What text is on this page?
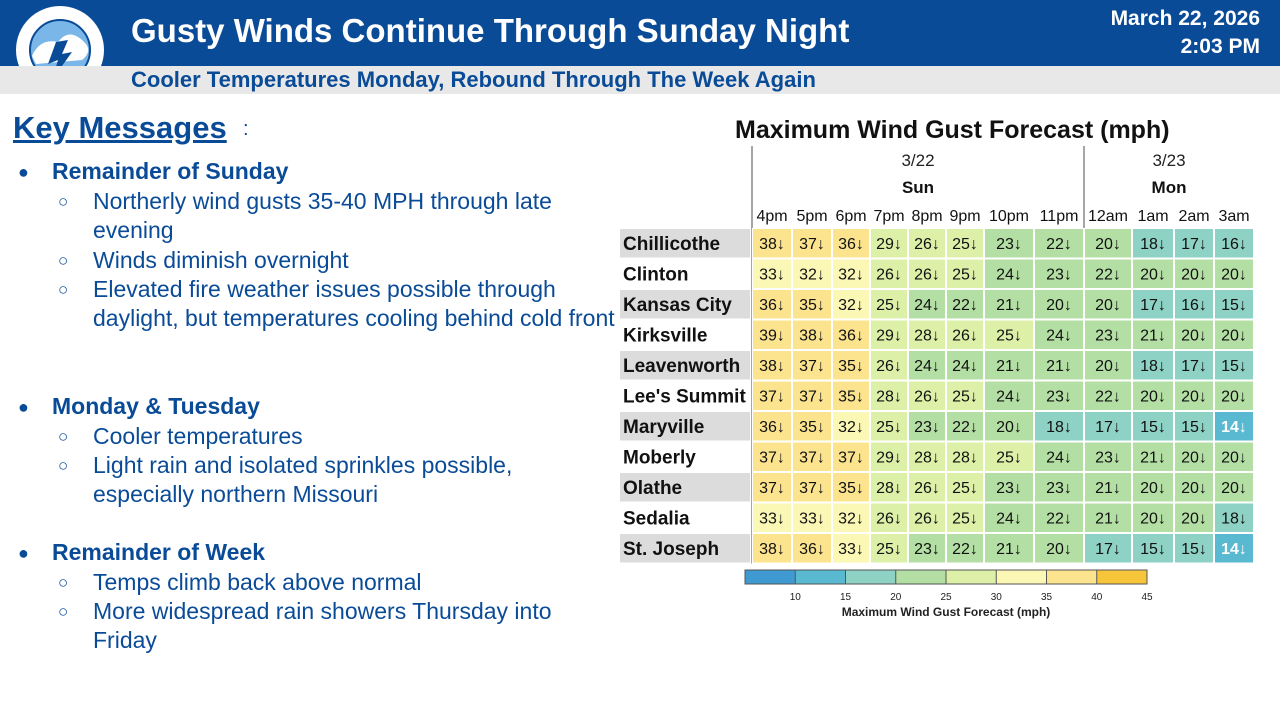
Gusty Winds Continue Through Sunday Night	March 22, 2026
2:03 PM
Cooler Temperatures Monday, Rebound Through The Week Again
Key Messages :
● Remainder of Sunday
○ Northerly wind gusts 35-40 MPH through late evening
○ Winds diminish overnight
○ Elevated fire weather issues possible through daylight, but temperatures cooling behind cold front
● Monday & Tuesday
○ Cooler temperatures
○ Light rain and isolated sprinkles possible, especially northern Missouri
● Remainder of Week
○ Temps climb back above normal
○ More widespread rain showers Thursday into Friday
Maximum Wind Gust Forecast (mph)
3/22
Sun
3/23
Mon
4pm 5pm 6pm 7pm 8pm 9pm 10pm 11pm 12am 1am 2am 3am
Chillicothe 38↓ 37↓ 36↓ 29↓ 26↓ 25↓ 23↓ 22↓ 20↓ 18↓ 17↓ 16↓
Clinton	33↓ 32↓ 32↓ 26↓ 26↓ 25↓ 24↓ 23↓ 22↓ 20↓ 20↓ 20↓
Kansas City 36↓ 35↓ 32↓ 25↓ 24↓ 22↓ 21↓ 20↓ 20↓ 17↓ 16↓ 15↓
Kirksville	39↓ 38↓ 36↓ 29↓ 28↓ 26↓ 25↓ 24↓ 23↓ 21↓ 20↓ 20↓
Leavenworth 38↓ 37↓ 35↓ 26↓ 24↓ 24↓ 21↓ 21↓ 20↓ 18↓ 17↓ 15↓
Lee's Summit 37↓ 37↓ 35↓ 28↓ 26↓ 25↓ 24↓ 23↓ 22↓ 20↓ 20↓ 20↓
Maryville	36↓ 35↓ 32↓ 25↓ 23↓ 22↓ 20↓ 18↓ 17↓ 15↓ 15↓ 14↓
Moberly	37↓ 37↓ 37↓ 29↓ 28↓ 28↓ 25↓ 24↓ 23↓ 21↓ 20↓ 20↓
Olathe	37↓ 37↓ 35↓ 28↓ 26↓ 25↓ 23↓ 23↓ 21↓ 20↓ 20↓ 20↓
Sedalia	33↓ 33↓ 32↓ 26↓ 26↓ 25↓ 24↓ 22↓ 21↓ 20↓ 20↓ 18↓
St. Joseph	38↓ 36↓ 33↓ 25↓ 23↓ 22↓ 21↓ 20↓ 17↓ 15↓ 15↓ 14↓
10	15	20	25	30	35	40	45
Maximum Wind Gust Forecast (mph)
